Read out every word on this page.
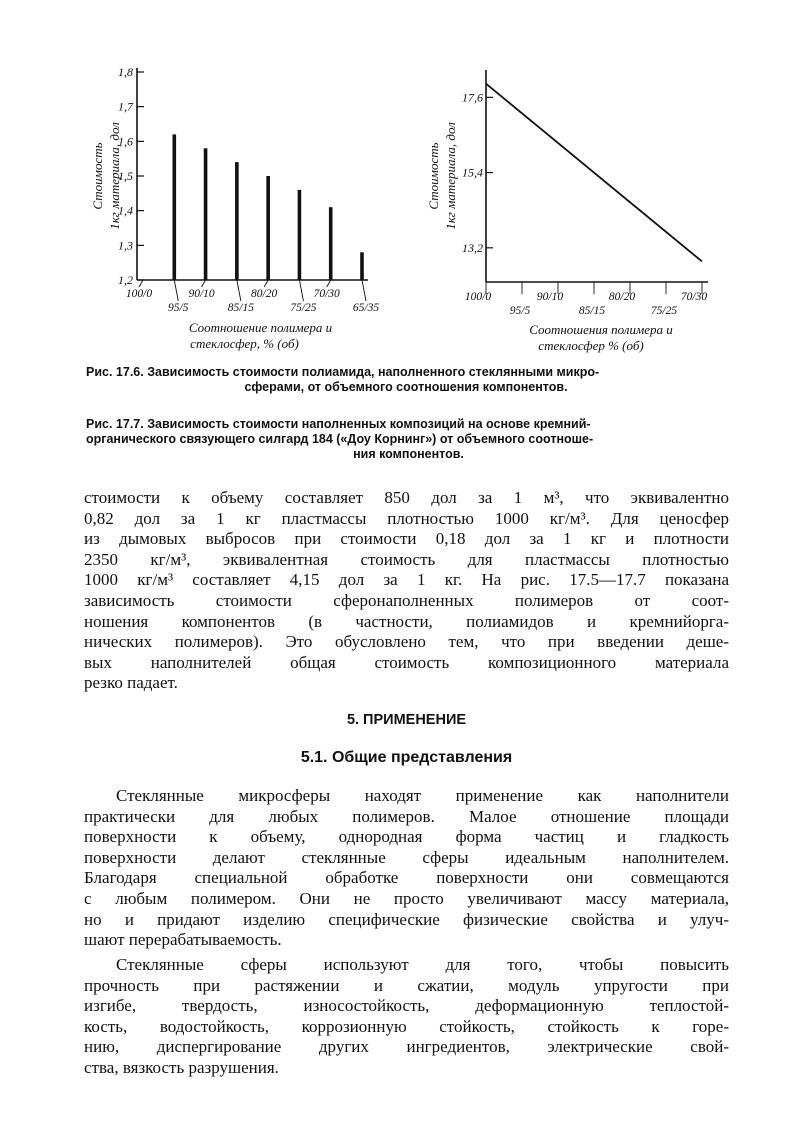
Стоимость 1кг материала, дол
1,2
1,3
1,4
1,5
1,6
1,7
1,8
100/0
95/5
90/10
85/15
80/20
75/25
70/30
65/35
Соотношение полимера и
стеклосфер, % (об)
Стоимость 1кг материала, дол
13,2
15,4
17,6
100/0
95/5
90/10
85/15
80/20
75/25
70/30
Соотношения полимера и
стеклосфер % (об)
Рис. 17.6. Зависимость стоимости полиамида, наполненного стеклянными микро-
сферами, от объемного соотношения компонентов.
Рис. 17.7. Зависимость стоимости наполненных композиций на основе кремний-
органического связующего силгард 184 («Доу Корнинг») от объемного соотноше-
ния компонентов.
стоимости к объему составляет 850 дол за 1 м³, что эквивалентно
0,82 дол за 1 кг пластмассы плотностью 1000 кг/м³. Для ценосфер
из дымовых выбросов при стоимости 0,18 дол за 1 кг и плотности
2350 кг/м³, эквивалентная стоимость для пластмассы плотностью
1000 кг/м³ составляет 4,15 дол за 1 кг. На рис. 17.5—17.7 показана
зависимость стоимости сферонаполненных полимеров от соот-
ношения компонентов (в частности, полиамидов и кремнийорга-
нических полимеров). Это обусловлено тем, что при введении деше-
вых наполнителей общая стоимость композиционного материала
резко падает.
5. ПРИМЕНЕНИЕ
5.1. Общие представления
Стеклянные микросферы находят применение как наполнители
практически для любых полимеров. Малое отношение площади
поверхности к объему, однородная форма частиц и гладкость
поверхности делают стеклянные сферы идеальным наполнителем.
Благодаря специальной обработке поверхности они совмещаются
с любым полимером. Они не просто увеличивают массу материала,
но и придают изделию специфические физические свойства и улуч-
шают перерабатываемость.
Стеклянные сферы используют для того, чтобы повысить
прочность при растяжении и сжатии, модуль упругости при
изгибе, твердость, износостойкость, деформационную теплостой-
кость, водостойкость, коррозионную стойкость, стойкость к горе-
нию, диспергирование других ингредиентов, электрические свой-
ства, вязкость разрушения.
